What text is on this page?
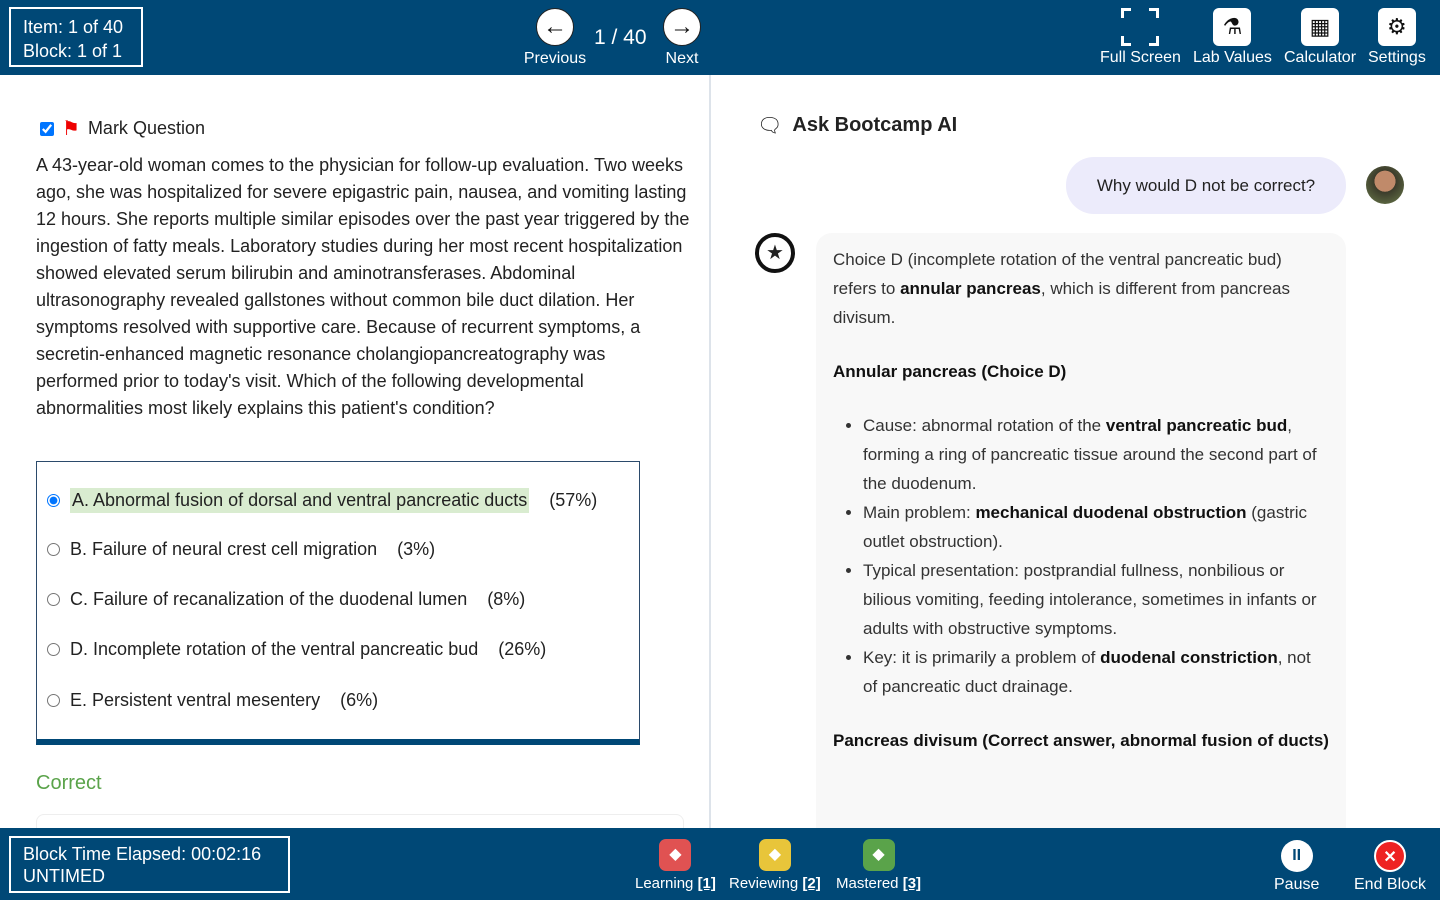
Item: 1 of 40
Block: 1 of 1
←
Previous
1 / 40 →
Next	Full Screen
⚗
Lab Values
▦
Calculator
⚙
Settings
⚑ Mark Question
A 43-year-old woman comes to the physician for follow-up evaluation. Two weeks ago, she was hospitalized for severe epigastric pain, nausea, and vomiting lasting 12 hours. She reports multiple similar episodes over the past year triggered by the ingestion of fatty meals. Laboratory studies during her most recent hospitalization showed elevated serum bilirubin and aminotransferases. Abdominal ultrasonography revealed gallstones without common bile duct dilation. Her symptoms resolved with supportive care. Because of recurrent symptoms, a secretin-enhanced magnetic resonance cholangiopancreatography was performed prior to today's visit. Which of the following developmental abnormalities most likely explains this patient's condition?
A. Abnormal fusion of dorsal and ventral pancreatic ducts (57%)
B. Failure of neural crest cell migration (3%)
C. Failure of recanalization of the duodenal lumen (8%)
D. Incomplete rotation of the ventral pancreatic bud (26%)
E. Persistent ventral mesentery (6%)
Correct
🗨 Ask Bootcamp AI
Why would D not be correct?
★	Choice D (incomplete rotation of the ventral pancreatic bud) refers to annular pancreas, which is different from pancreas divisum.

Annular pancreas (Choice D)

• Cause: abnormal rotation of the ventral pancreatic bud, forming a ring of pancreatic tissue around the second part of the duodenum.
• Main problem: mechanical duodenal obstruction (gastric outlet obstruction).
• Typical presentation: postprandial fullness, nonbilious or bilious vomiting, feeding intolerance, sometimes in infants or adults with obstructive symptoms.
• Key: it is primarily a problem of duodenal constriction, not of pancreatic duct drainage.

Pancreas divisum (Correct answer, abnormal fusion of ducts)

Block Time Elapsed: 00:02:16
UNTIMED
◆
Learning [1]
◆
Reviewing [2]
◆
Mastered [3]
II
Pause
✕
End Block
